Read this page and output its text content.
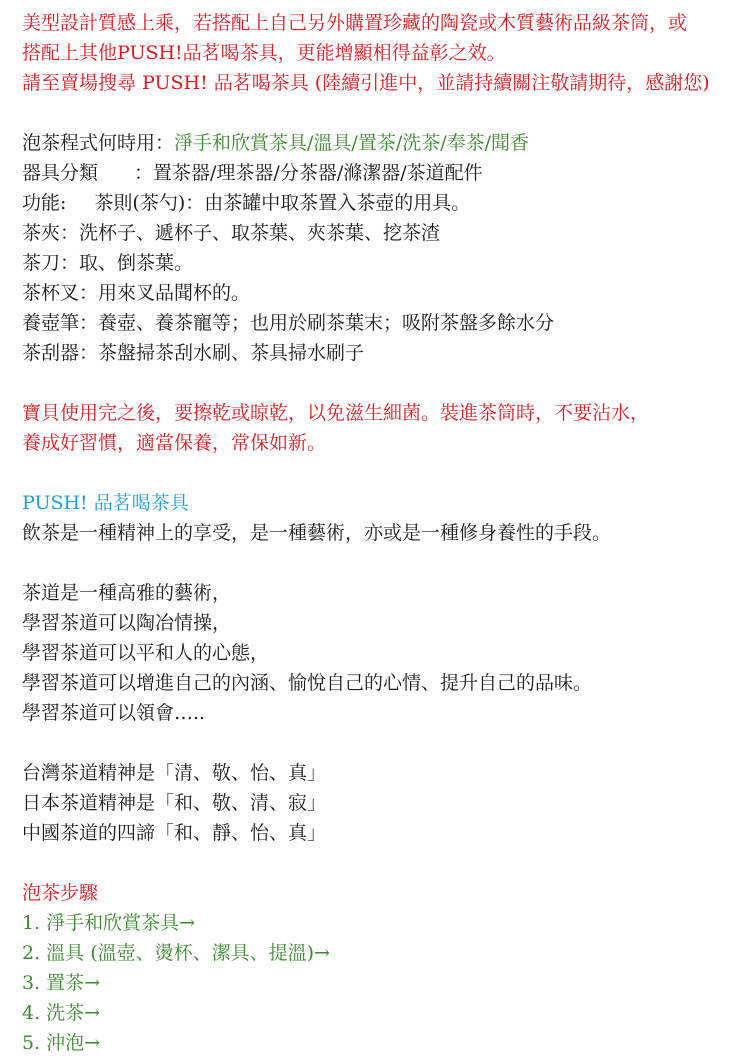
美型設計質感上乘，若搭配上自己另外購置珍藏的陶瓷或木質藝術品級茶筒，或
搭配上其他PUSH!品茗喝茶具，更能增顯相得益彰之效。
請至賣場搜尋 PUSH! 品茗喝茶具 (陸續引進中，並請持續關注敬請期待，感謝您)
泡茶程式何時用：淨手和欣賞茶具/溫具/置茶/洗茶/奉茶/聞香
器具分類 ：置茶器/理茶器/分茶器/滌潔器/茶道配件
功能: 茶則(茶勺)：由茶罐中取茶置入茶壺的用具。
茶夾：洗杯子、遞杯子、取茶葉、夾茶葉、挖茶渣
茶刀：取、倒茶葉。
茶杯叉：用來叉品聞杯的。
養壺筆：養壺、養茶寵等；也用於刷茶葉末；吸附茶盤多餘水分
茶刮器：茶盤掃茶刮水刷、茶具掃水刷子
寶貝使用完之後，要擦乾或晾乾，以免滋生細菌。裝進茶筒時，不要沾水，
養成好習慣，適當保養，常保如新。
PUSH! 品茗喝茶具
飲茶是一種精神上的享受，是一種藝術，亦或是一種修身養性的手段。
茶道是一種高雅的藝術，
學習茶道可以陶冶情操，
學習茶道可以平和人的心態，
學習茶道可以增進自己的內涵、愉悅自己的心情、提升自己的品味。
學習茶道可以領會…..
台灣茶道精神是「清、敬、怡、真」
日本茶道精神是「和、敬、清、寂」
中國茶道的四諦「和、靜、怡、真」
泡茶步驟
1. 淨手和欣賞茶具→
2. 溫具 (溫壺、燙杯、潔具、提溫)→
3. 置茶→
4. 洗茶→
5. 沖泡→
